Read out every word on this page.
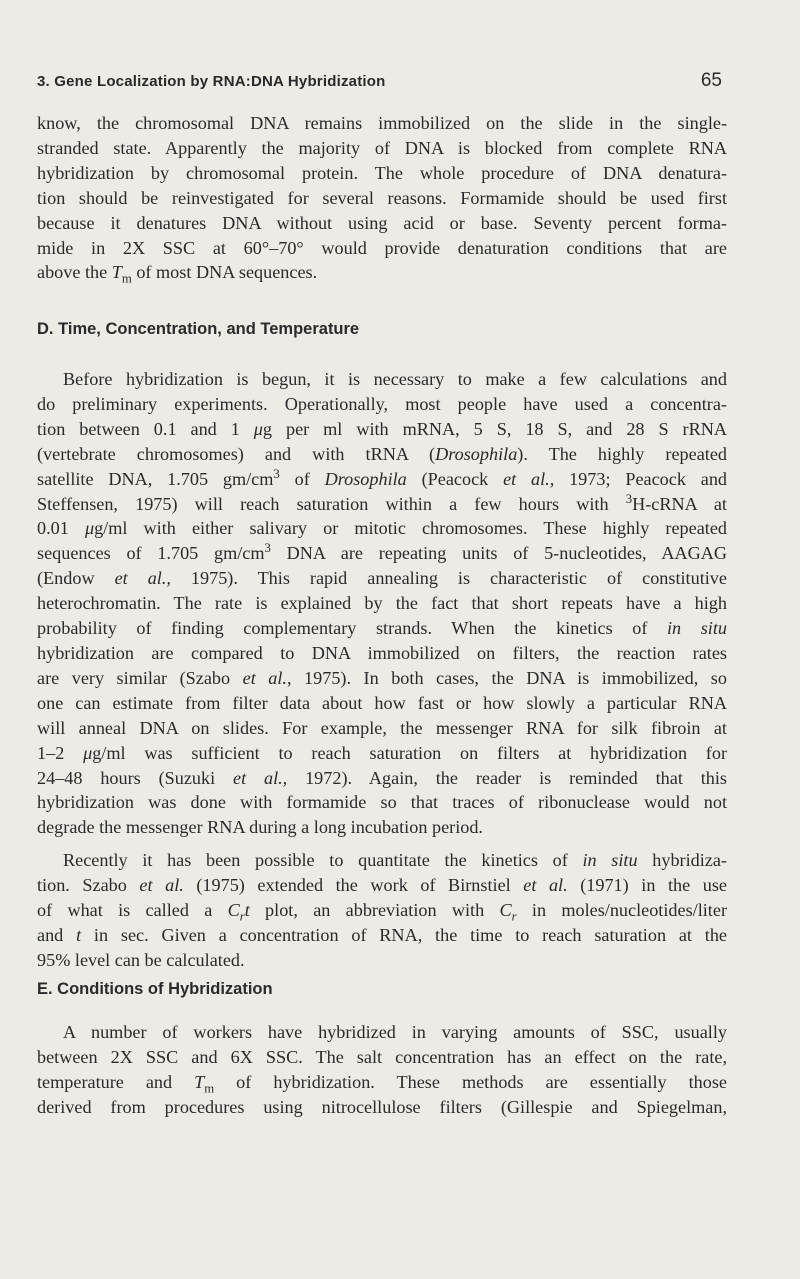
3. Gene Localization by RNA:DNA Hybridization	65
know, the chromosomal DNA remains immobilized on the slide in the single-
stranded state. Apparently the majority of DNA is blocked from complete RNA
hybridization by chromosomal protein. The whole procedure of DNA denatura-
tion should be reinvestigated for several reasons. Formamide should be used first
because it denatures DNA without using acid or base. Seventy percent forma-
mide in 2X SSC at 60°–70° would provide denaturation conditions that are
above the $T_m$ of most DNA sequences.
D. Time, Concentration, and Temperature
Before hybridization is begun, it is necessary to make a few calculations and
do preliminary experiments. Operationally, most people have used a concentra-
tion between 0.1 and 1 μg per ml with mRNA, 5 S, 18 S, and 28 S rRNA
(vertebrate chromosomes) and with tRNA (Drosophila). The highly repeated
satellite DNA, 1.705 $gm/cm^3$ of Drosophila (Peacock et al., 1973; Peacock and
Steffensen, 1975) will reach saturation within a few hours with $^3$H-cRNA at
0.01 μg/ml with either salivary or mitotic chromosomes. These highly repeated
sequences of 1.705 $gm/cm^3$ DNA are repeating units of 5-nucleotides, AAGAG
(Endow et al., 1975). This rapid annealing is characteristic of constitutive
heterochromatin. The rate is explained by the fact that short repeats have a high
probability of finding complementary strands. When the kinetics of in situ
hybridization are compared to DNA immobilized on filters, the reaction rates
are very similar (Szabo et al., 1975). In both cases, the DNA is immobilized, so
one can estimate from filter data about how fast or how slowly a particular RNA
will anneal DNA on slides. For example, the messenger RNA for silk fibroin at
1–2 μg/ml was sufficient to reach saturation on filters at hybridization for
24–48 hours (Suzuki et al., 1972). Again, the reader is reminded that this
hybridization was done with formamide so that traces of ribonuclease would not
degrade the messenger RNA during a long incubation period.
Recently it has been possible to quantitate the kinetics of in situ hybridiza-
tion. Szabo et al. (1975) extended the work of Birnstiel et al. (1971) in the use
of what is called a $C_rt$ plot, an abbreviation with $C_r$ in moles/nucleotides/liter
and t in sec. Given a concentration of RNA, the time to reach saturation at the
95% level can be calculated.
E. Conditions of Hybridization
A number of workers have hybridized in varying amounts of SSC, usually
between 2X SSC and 6X SSC. The salt concentration has an effect on the rate,
temperature and $T_m$ of hybridization. These methods are essentially those
derived from procedures using nitrocellulose filters (Gillespie and Spiegelman,
